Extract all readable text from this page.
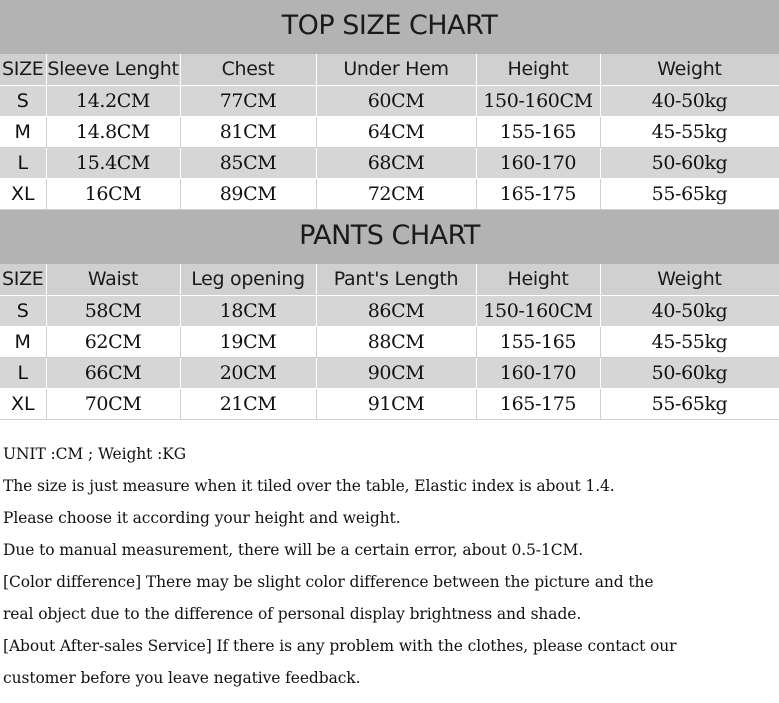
TOP SIZE CHART
SIZE	Sleeve Lenght	Chest	Under Hem	Height	Weight
S	14.2CM	77CM	60CM	150-160CM	40-50kg
M	14.8CM	81CM	64CM	155-165	45-55kg
L	15.4CM	85CM	68CM	160-170	50-60kg
XL	16CM	89CM	72CM	165-175	55-65kg
PANTS CHART
SIZE	Waist	Leg opening	Pant's Length	Height	Weight
S	58CM	18CM	86CM	150-160CM	40-50kg
M	62CM	19CM	88CM	155-165	45-55kg
L	66CM	20CM	90CM	160-170	50-60kg
XL	70CM	21CM	91CM	165-175	55-65kg
UNIT :CM ; Weight :KG
The size is just measure when it tiled over the table, Elastic index is about 1.4.
Please choose it according your height and weight.
Due to manual measurement, there will be a certain error, about 0.5-1CM.
[Color difference] There may be slight color difference between the picture and the
real object due to the difference of personal display brightness and shade.
[About After-sales Service] If there is any problem with the clothes, please contact our
customer before you leave negative feedback.
